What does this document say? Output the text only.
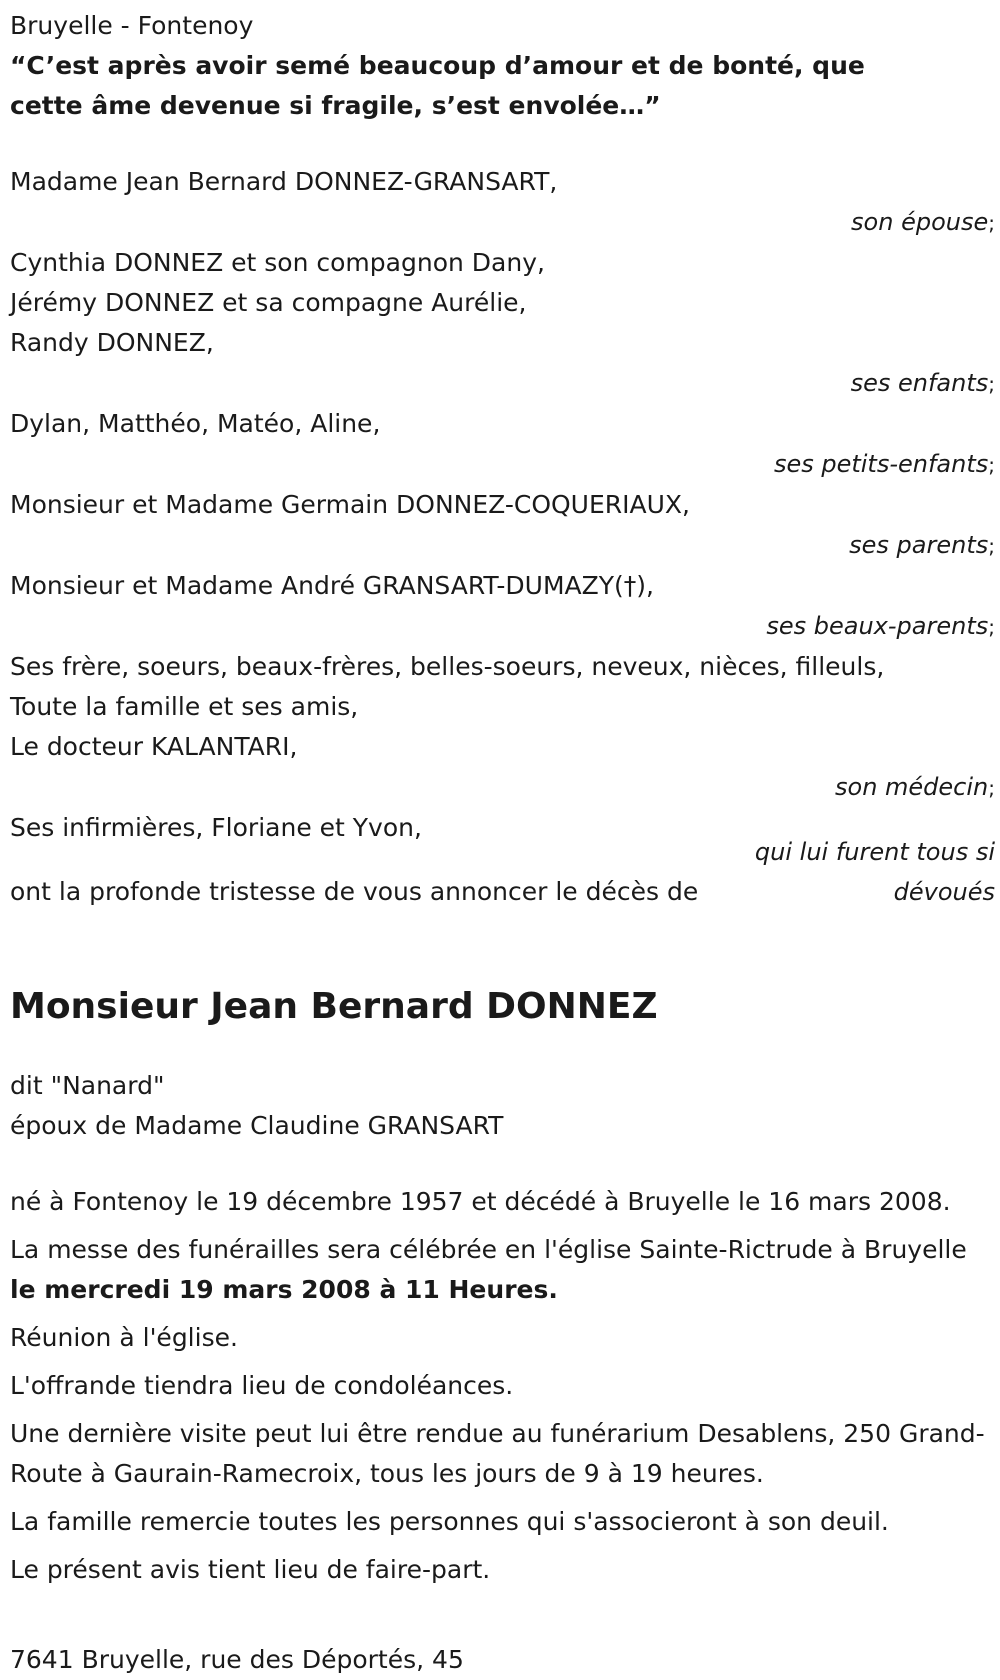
Bruyelle - Fontenoy

“C’est après avoir semé beaucoup d’amour et de bonté, que cette âme devenue si fragile, s’est envolée…”

Madame Jean Bernard DONNEZ-GRANSART,
son épouse;
Cynthia DONNEZ et son compagnon Dany,
Jérémy DONNEZ et sa compagne Aurélie,
Randy DONNEZ,
ses enfants;
Dylan, Matthéo, Matéo, Aline,
ses petits-enfants;
Monsieur et Madame Germain DONNEZ-COQUERIAUX,
ses parents;
Monsieur et Madame André GRANSART-DUMAZY(†),
ses beaux-parents;
Ses frère, soeurs, beaux-frères, belles-soeurs, neveux, nièces, filleuls,
Toute la famille et ses amis,
Le docteur KALANTARI,
son médecin;
Ses infirmières, Floriane et Yvon,
qui lui furent tous si dévoués
ont la profonde tristesse de vous annoncer le décès de
Monsieur Jean Bernard DONNEZ
dit "Nanard"
époux de Madame Claudine GRANSART

né à Fontenoy le 19 décembre 1957 et décédé à Bruyelle le 16 mars 2008.

La messe des funérailles sera célébrée en l'église Sainte-Rictrude à Bruyelle le mercredi 19 mars 2008 à 11 Heures.

Réunion à l'église.

L'offrande tiendra lieu de condoléances.

Une dernière visite peut lui être rendue au funérarium Desablens, 250 Grand-Route à Gaurain-Ramecroix, tous les jours de 9 à 19 heures.

La famille remercie toutes les personnes qui s'associeront à son deuil.

Le présent avis tient lieu de faire-part.

7641 Bruyelle, rue des Déportés, 45
